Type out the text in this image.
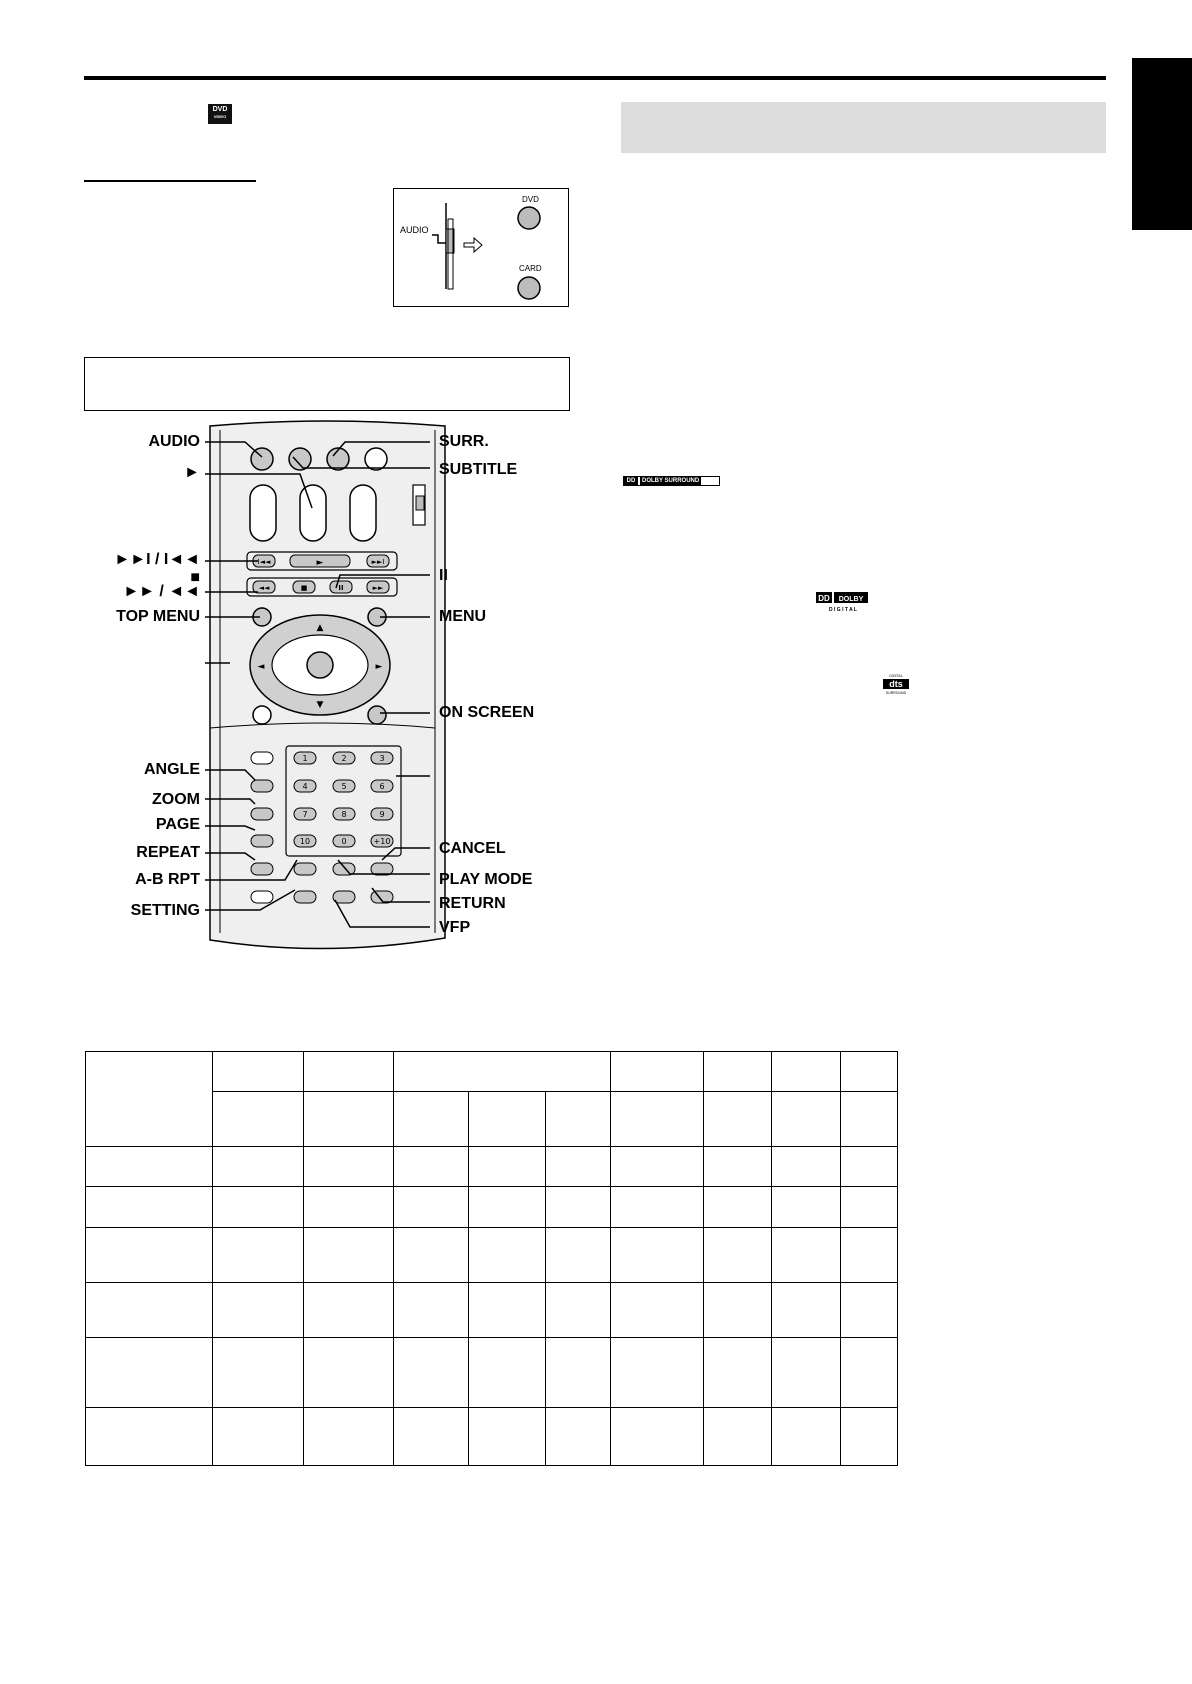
DVD
VIDEO
AUDIO
DVD
CARD
I◄◄	►	►►I
◄◄	■	II	►►
▲
▼
◄	►
1	2	3
4	5	6
7	8	9
10	0	+10
AUDIO
►
►►I / I◄◄
■
►► / ◄◄
TOP MENU
ANGLE
ZOOM
PAGE
REPEAT
A-B RPT
SETTING
SURR.
SUBTITLE
II
MENU
ON SCREEN
CANCEL
PLAY MODE
RETURN
VFP
DD	DOLBY SURROUND
DD DOLBY
D I G I T A L
DIGITAL
dts
SURROUND
